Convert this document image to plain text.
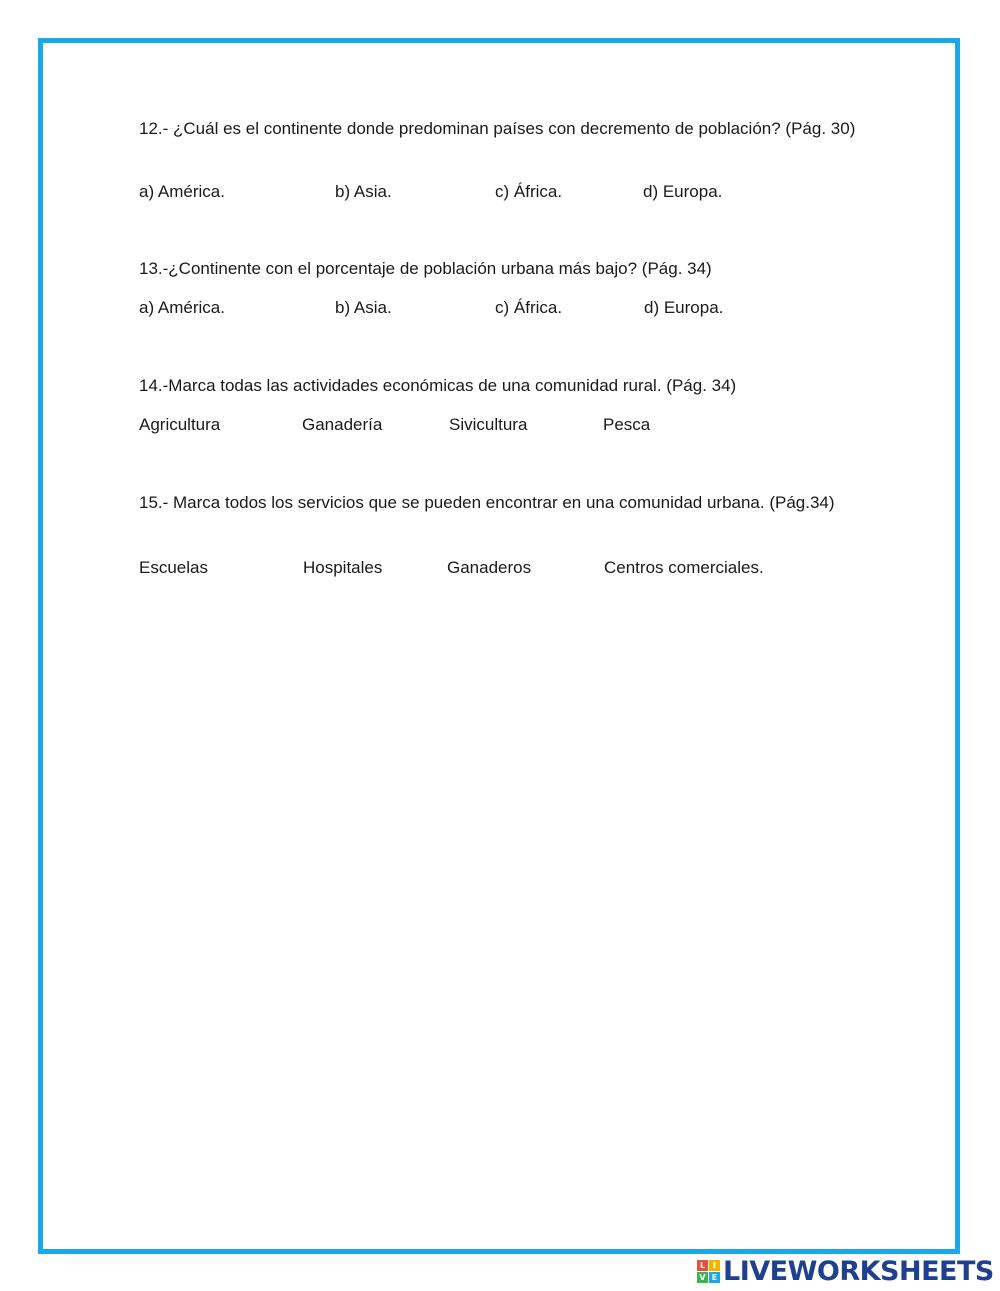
12.- ¿Cuál es el continente donde predominan países con decremento de población? (Pág. 30)
a) América.	b) Asia.	c) África.	d) Europa.
13.-¿Continente con el porcentaje de población urbana más bajo? (Pág. 34)
a) América.	b) Asia.	c) África.	d) Europa.
14.-Marca todas las actividades económicas de una comunidad rural. (Pág. 34)
Agricultura	Ganadería	Sivicultura	Pesca
15.- Marca todos los servicios que se pueden encontrar en una comunidad urbana. (Pág.34)
Escuelas	Hospitales	Ganaderos	Centros comerciales.
L I
V E LIVEWORKSHEETS
